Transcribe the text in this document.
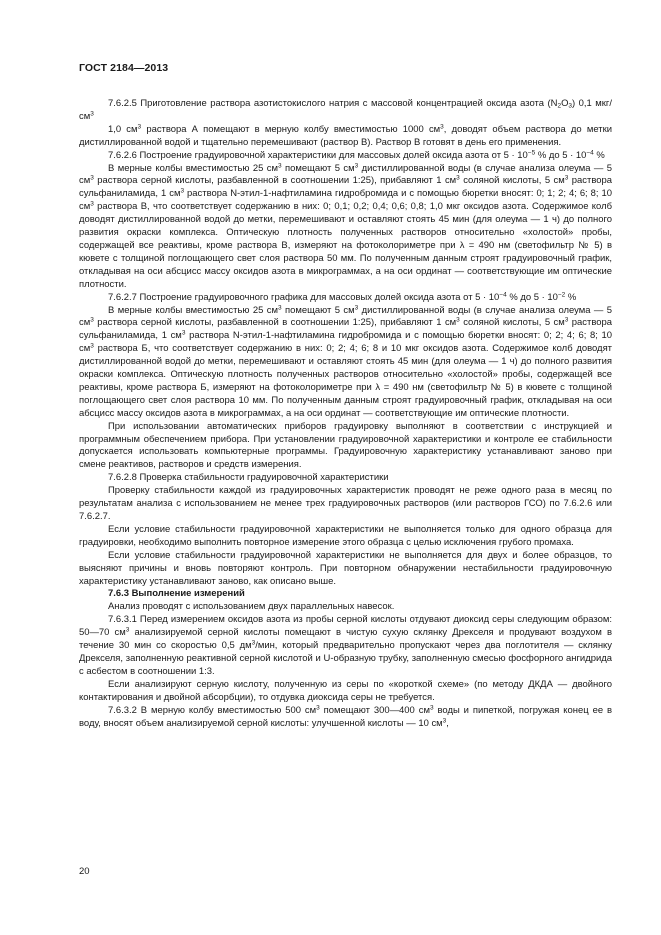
ГОСТ 2184—2013

7.6.2.5 Приготовление раствора азотистокислого натрия с массовой концентрацией оксида азота $(N_2O_3)$ 0,1 мкг/$см^3$

1,0 $см^3$ раствора А помещают в мерную колбу вместимостью 1000 $см^3$, доводят объем раствора до метки дистиллированной водой и тщательно перемешивают (раствор В). Раствор В готовят в день его применения.

7.6.2.6 Построение градуировочной характеристики для массовых долей оксида азота от $5 \cdot 10^{-5}$ % до $5 \cdot 10^{-4}$ %

В мерные колбы вместимостью 25 $см^3$ помещают 5 $см^3$ дистиллированной воды (в случае анализа олеума — 5 $см^3$ раствора серной кислоты, разбавленной в соотношении 1:25), прибавляют 1 $см^3$ соляной кислоты, 5 $см^3$ раствора сульфаниламида, 1 $см^3$ раствора N-этил-1-нафтиламина гидробромида и с помощью бюретки вносят: 0; 1; 2; 4; 6; 8; 10 $см^3$ раствора В, что соответствует содержанию в них: 0; 0,1; 0,2; 0,4; 0,6; 0,8; 1,0 мкг оксидов азота. Содержимое колб доводят дистиллированной водой до метки, перемешивают и оставляют стоять 45 мин (для олеума — 1 ч) до полного развития окраски комплекса. Оптическую плотность полученных растворов относительно «холостой» пробы, содержащей все реактивы, кроме раствора В, измеряют на фотоколориметре при λ = 490 нм (светофильтр № 5) в кювете с толщиной поглощающего свет слоя раствора 50 мм. По полученным данным строят градуировочный график, откладывая на оси абсцисс массу оксидов азота в микрограммах, а на оси ординат — соответствующие им оптические плотности.

7.6.2.7 Построение градуировочного графика для массовых долей оксида азота от $5 \cdot 10^{-4}$ % до $5 \cdot 10^{-2}$ %

В мерные колбы вместимостью 25 $см^3$ помещают 5 $см^3$ дистиллированной воды (в случае анализа олеума — 5 $см^3$ раствора серной кислоты, разбавленной в соотношении 1:25), прибавляют 1 $см^3$ соляной кислоты, 5 $см^3$ раствора сульфаниламида, 1 $см^3$ раствора N-этил-1-нафтиламина гидробромида и с помощью бюретки вносят: 0; 2; 4; 6; 8; 10 $см^3$ раствора Б, что соответствует содержанию в них: 0; 2; 4; 6; 8 и 10 мкг оксидов азота. Содержимое колб доводят дистиллированной водой до метки, перемешивают и оставляют стоять 45 мин (для олеума — 1 ч) до полного развития окраски комплекса. Оптическую плотность полученных растворов относительно «холостой» пробы, содержащей все реактивы, кроме раствора Б, измеряют на фотоколориметре при λ = 490 нм (светофильтр № 5) в кювете с толщиной поглощающего свет слоя раствора 10 мм. По полученным данным строят градуировочный график, откладывая на оси абсцисс массу оксидов азота в микрограммах, а на оси ординат — соответствующие им оптические плотности.

При использовании автоматических приборов градуировку выполняют в соответствии с инструкцией и программным обеспечением прибора. При установлении градуировочной характеристики и контроле ее стабильности допускается использовать компьютерные программы. Градуировочную характеристику устанавливают заново при смене реактивов, растворов и средств измерения.

7.6.2.8 Проверка стабильности градуировочной характеристики

Проверку стабильности каждой из градуировочных характеристик проводят не реже одного раза в месяц по результатам анализа с использованием не менее трех градуировочных растворов (или растворов ГСО) по 7.6.2.6 или 7.6.2.7.

Если условие стабильности градуировочной характеристики не выполняется только для одного образца для градуировки, необходимо выполнить повторное измерение этого образца с целью исключения грубого промаха.

Если условие стабильности градуировочной характеристики не выполняется для двух и более образцов, то выясняют причины и вновь повторяют контроль. При повторном обнаружении нестабильности градуировочную характеристику устанавливают заново, как описано выше.

7.6.3 Выполнение измерений

Анализ проводят с использованием двух параллельных навесок.

7.6.3.1 Перед измерением оксидов азота из пробы серной кислоты отдувают диоксид серы следующим образом: 50—70 $см^3$ анализируемой серной кислоты помещают в чистую сухую склянку Дрекселя и продувают воздухом в течение 30 мин со скоростью 0,5 $дм^3$/мин, который предварительно пропускают через два поглотителя — склянку Дрекселя, заполненную реактивной серной кислотой и U-образную трубку, заполненную смесью фосфорного ангидрида с асбестом в соотношении 1:3.

Если анализируют серную кислоту, полученную из серы по «короткой схеме» (по методу ДКДА — двойного контактирования и двойной абсорбции), то отдувка диоксида серы не требуется.

7.6.3.2 В мерную колбу вместимостью 500 $см^3$ помещают 300—400 $см^3$ воды и пипеткой, погружая конец ее в воду, вносят объем анализируемой серной кислоты: улучшенной кислоты — 10 $см^3$,

20
